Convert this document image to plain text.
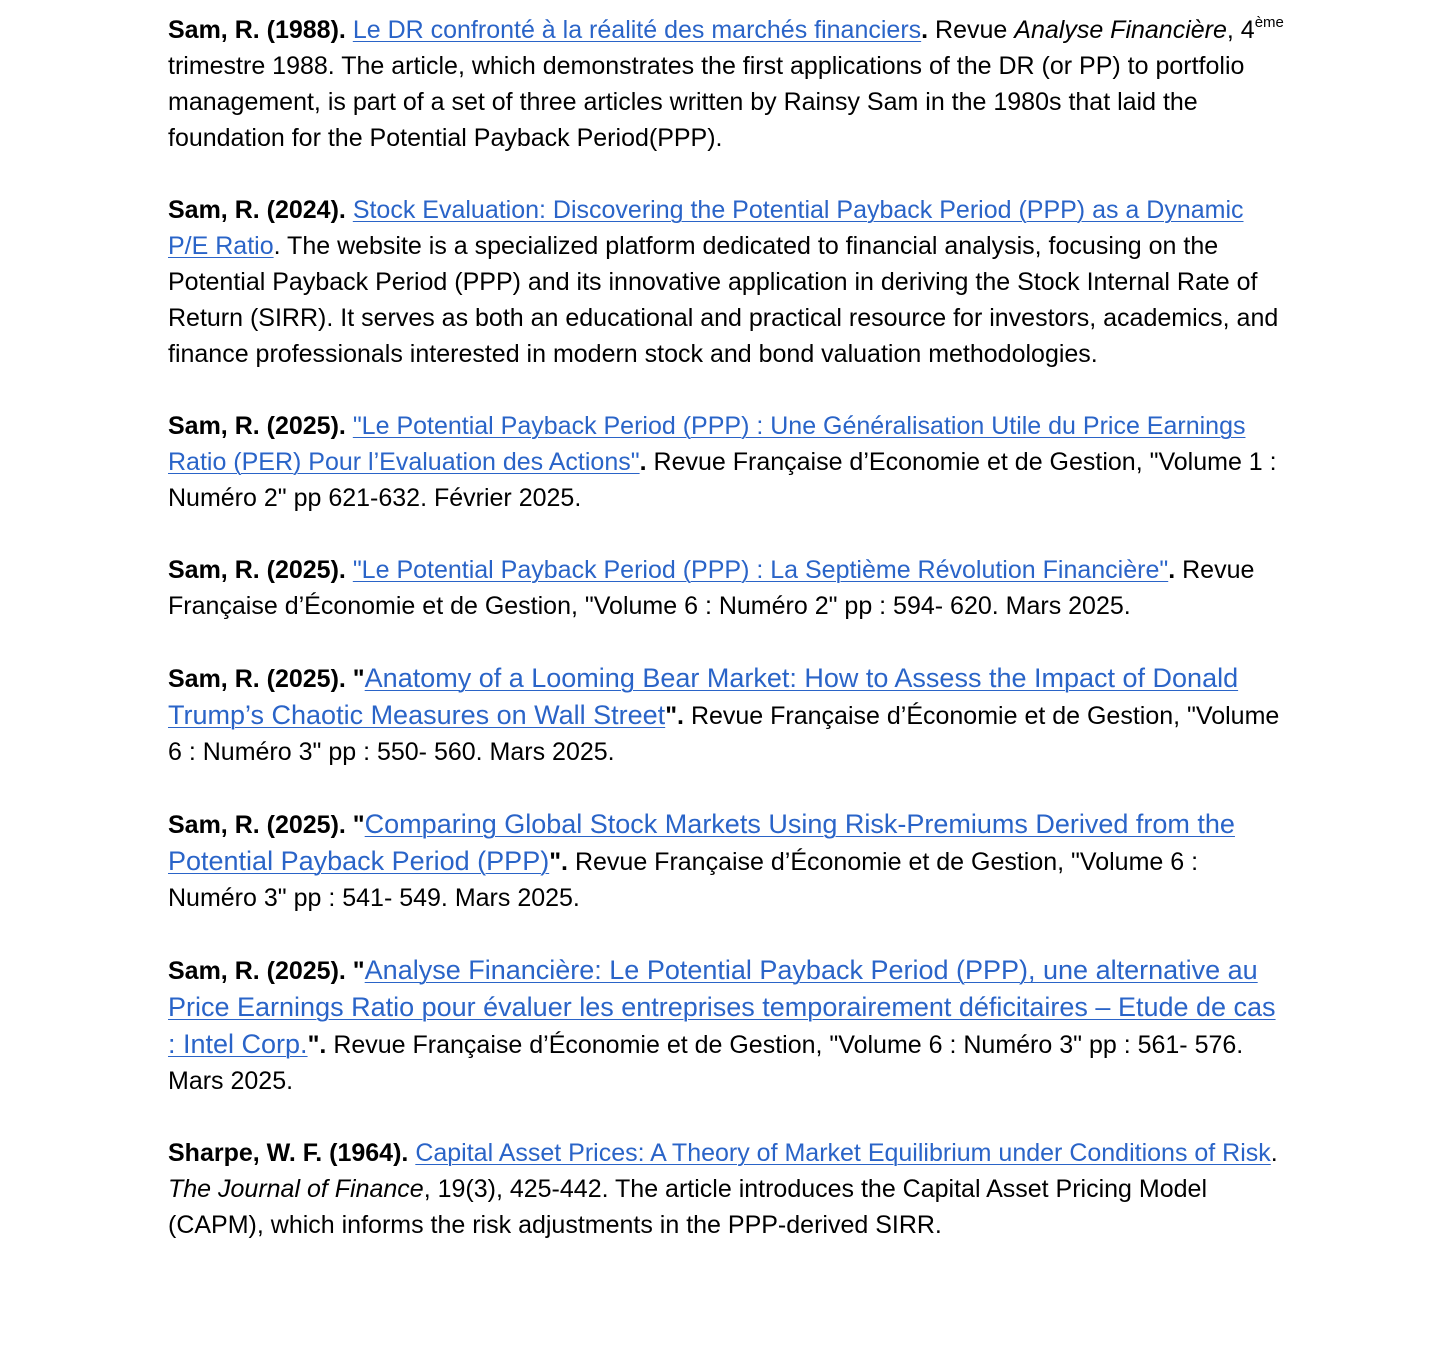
Sam, R. (1988). Le DR confronté à la réalité des marchés financiers. Revue Analyse Financière, 4ème trimestre 1988. The article, which demonstrates the first applications of the DR (or PP) to portfolio management, is part of a set of three articles written by Rainsy Sam in the 1980s that laid the foundation for the Potential Payback Period(PPP).

Sam, R. (2024). Stock Evaluation: Discovering the Potential Payback Period (PPP) as a Dynamic P/E Ratio. The website is a specialized platform dedicated to financial analysis, focusing on the Potential Payback Period (PPP) and its innovative application in deriving the Stock Internal Rate of Return (SIRR). It serves as both an educational and practical resource for investors, academics, and finance professionals interested in modern stock and bond valuation methodologies.

Sam, R. (2025). "Le Potential Payback Period (PPP) : Une Généralisation Utile du Price Earnings Ratio (PER) Pour l’Evaluation des Actions". Revue Française d’Economie et de Gestion, "Volume 1 : Numéro 2" pp 621-632. Février 2025.

Sam, R. (2025). "Le Potential Payback Period (PPP) : La Septième Révolution Financière". Revue Française d’Économie et de Gestion, "Volume 6 : Numéro 2" pp : 594- 620. Mars 2025.

Sam, R. (2025). "Anatomy of a Looming Bear Market: How to Assess the Impact of Donald Trump’s Chaotic Measures on Wall Street". Revue Française d’Économie et de Gestion, "Volume 6 : Numéro 3" pp : 550- 560. Mars 2025.

Sam, R. (2025). "Comparing Global Stock Markets Using Risk-Premiums Derived from the Potential Payback Period (PPP)". Revue Française d’Économie et de Gestion, "Volume 6 : Numéro 3" pp : 541- 549. Mars 2025.

Sam, R. (2025). "Analyse Financière: Le Potential Payback Period (PPP), une alternative au Price Earnings Ratio pour évaluer les entreprises temporairement déficitaires – Etude de cas : Intel Corp.". Revue Française d’Économie et de Gestion, "Volume 6 : Numéro 3" pp : 561- 576. Mars 2025.

Sharpe, W. F. (1964). Capital Asset Prices: A Theory of Market Equilibrium under Conditions of Risk. The Journal of Finance, 19(3), 425-442. The article introduces the Capital Asset Pricing Model (CAPM), which informs the risk adjustments in the PPP-derived SIRR.
